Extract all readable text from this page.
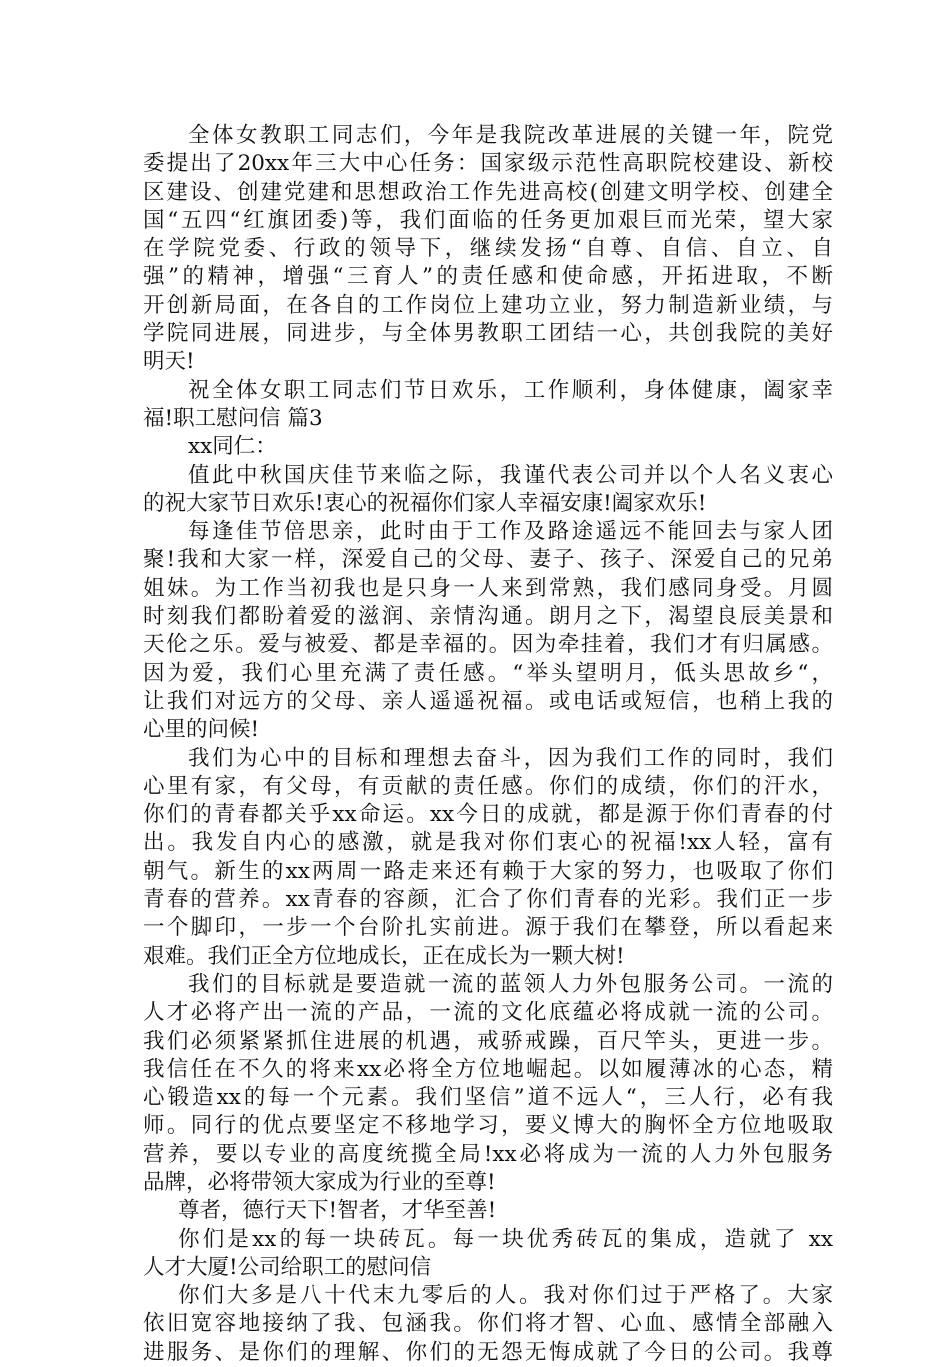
全体女教职工同志们，今年是我院改革进展的关键一年，院党
委提出了20xx年三大中心任务：国家级示范性高职院校建设、新校
区建设、创建党建和思想政治工作先进高校(创建文明学校、创建全
国“五四“红旗团委)等，我们面临的任务更加艰巨而光荣，望大家
在学院党委、行政的领导下，继续发扬“自尊、自信、自立、自
强”的精神，增强“三育人”的责任感和使命感，开拓进取，不断
开创新局面，在各自的工作岗位上建功立业，努力制造新业绩，与
学院同进展，同进步，与全体男教职工团结一心，共创我院的美好
明天!
祝全体女职工同志们节日欢乐，工作顺利，身体健康，阖家幸
福!职工慰问信 篇3
xx同仁：
值此中秋国庆佳节来临之际，我谨代表公司并以个人名义衷心
的祝大家节日欢乐!衷心的祝福你们家人幸福安康!阖家欢乐!
每逢佳节倍思亲，此时由于工作及路途遥远不能回去与家人团
聚!我和大家一样，深爱自己的父母、妻子、孩子、深爱自己的兄弟
姐妹。为工作当初我也是只身一人来到常熟，我们感同身受。月圆
时刻我们都盼着爱的滋润、亲情沟通。朗月之下，渴望良辰美景和
天伦之乐。爱与被爱、都是幸福的。因为牵挂着，我们才有归属感。
因为爱，我们心里充满了责任感。“举头望明月，低头思故乡“，
让我们对远方的父母、亲人遥遥祝福。或电话或短信，也稍上我的
心里的问候!
我们为心中的目标和理想去奋斗，因为我们工作的同时，我们
心里有家，有父母，有贡献的责任感。你们的成绩，你们的汗水，
你们的青春都关乎xx命运。xx今日的成就，都是源于你们青春的付
出。我发自内心的感激，就是我对你们衷心的祝福!xx人轻，富有
朝气。新生的xx两周一路走来还有赖于大家的努力，也吸取了你们
青春的营养。xx青春的容颜，汇合了你们青春的光彩。我们正一步
一个脚印，一步一个台阶扎实前进。源于我们在攀登，所以看起来
艰难。我们正全方位地成长，正在成长为一颗大树!
我们的目标就是要造就一流的蓝领人力外包服务公司。一流的
人才必将产出一流的产品，一流的文化底蕴必将成就一流的公司。
我们必须紧紧抓住进展的机遇，戒骄戒躁，百尺竿头，更进一步。
我信任在不久的将来xx必将全方位地崛起。以如履薄冰的心态，精
心锻造xx的每一个元素。我们坚信”道不远人“，三人行，必有我
师。同行的优点要坚定不移地学习，要义博大的胸怀全方位地吸取
营养，要以专业的高度统揽全局!xx必将成为一流的人力外包服务
品牌，必将带领大家成为行业的至尊!
尊者，德行天下!智者，才华至善!
你们是xx的每一块砖瓦。每一块优秀砖瓦的集成，造就了 xx
人才大厦!公司给职工的慰问信
你们大多是八十代末九零后的人。我对你们过于严格了。大家
依旧宽容地接纳了我、包涵我。你们将才智、心血、感情全部融入
进服务、是你们的理解、你们的无怨无悔成就了今日的公司。我尊
